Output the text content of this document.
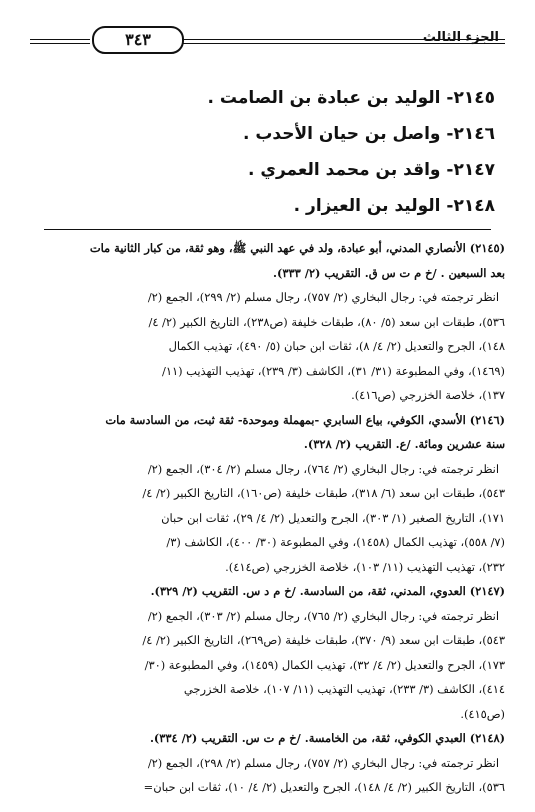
الجزء الثالث
٣٤٣
٢١٤٥- الوليد بن عبادة بن الصامت .
٢١٤٦- واصل بن حيان الأحدب .
٢١٤٧- واقد بن محمد العمري .
٢١٤٨- الوليد بن العيزار .
(٢١٤٥) الأنصاري المدني، أبو عبادة، ولد في عهد النبي ﷺ، وهو ثقة، من كبار الثانية مات
بعد السبعين . /خ م ت س ق. التقريب (٢/ ٣٣٣).
انظر ترجمته في: رجال البخاري (٢/ ٧٥٧)، رجال مسلم (٢/ ٢٩٩)، الجمع (٢/
٥٣٦)، طبقات ابن سعد (٥/ ٨٠)، طبقات خليفة (ص٢٣٨)، التاريخ الكبير (٢/ ٤/
١٤٨)، الجرح والتعديل (٢/ ٤/ ٨)، ثقات ابن حبان (٥/ ٤٩٠)، تهذيب الكمال
(١٤٦٩)، وفي المطبوعة (٣١/ ٣١)، الكاشف (٣/ ٢٣٩)، تهذيب التهذيب (١١/
١٣٧)، خلاصة الخزرجي (ص٤١٦).
(٢١٤٦) الأسدي، الكوفي، بياع السابري -بمهملة وموحدة- ثقة ثبت، من السادسة مات
سنة عشرين ومائة. /ع. التقريب (٢/ ٣٢٨).
انظر ترجمته في: رجال البخاري (٢/ ٧٦٤)، رجال مسلم (٢/ ٣٠٤)، الجمع (٢/
٥٤٣)، طبقات ابن سعد (٦/ ٣١٨)، طبقات خليفة (ص١٦٠)، التاريخ الكبير (٢/ ٤/
١٧١)، التاريخ الصغير (١/ ٣٠٣)، الجرح والتعديل (٢/ ٤/ ٢٩)، ثقات ابن حبان
(٧/ ٥٥٨)، تهذيب الكمال (١٤٥٨)، وفي المطبوعة (٣٠/ ٤٠٠)، الكاشف (٣/
٢٣٢)، تهذيب التهذيب (١١/ ١٠٣)، خلاصة الخزرجي (ص٤١٤).
(٢١٤٧) العدوي، المدني، ثقة، من السادسة. /خ م د س. التقريب (٢/ ٣٢٩).
انظر ترجمته في: رجال البخاري (٢/ ٧٦٥)، رجال مسلم (٢/ ٣٠٣)، الجمع (٢/
٥٤٣)، طبقات ابن سعد (٩/ ٣٧٠)، طبقات خليفة (ص٢٦٩)، التاريخ الكبير (٢/ ٤/
١٧٣)، الجرح والتعديل (٢/ ٤/ ٣٢)، تهذيب الكمال (١٤٥٩)، وفي المطبوعة (٣٠/
٤١٤)، الكاشف (٣/ ٢٣٣)، تهذيب التهذيب (١١/ ١٠٧)، خلاصة الخزرجي
(ص٤١٥).
(٢١٤٨) العبدي الكوفي، ثقة، من الخامسة. /خ م ت س. التقريب (٢/ ٣٣٤).
انظر ترجمته في: رجال البخاري (٢/ ٧٥٧)، رجال مسلم (٢/ ٢٩٨)، الجمع (٢/
٥٣٦)، التاريخ الكبير (٢/ ٤/ ١٤٨)، الجرح والتعديل (٢/ ٤/ ١٠)، ثقات ابن حبان=
